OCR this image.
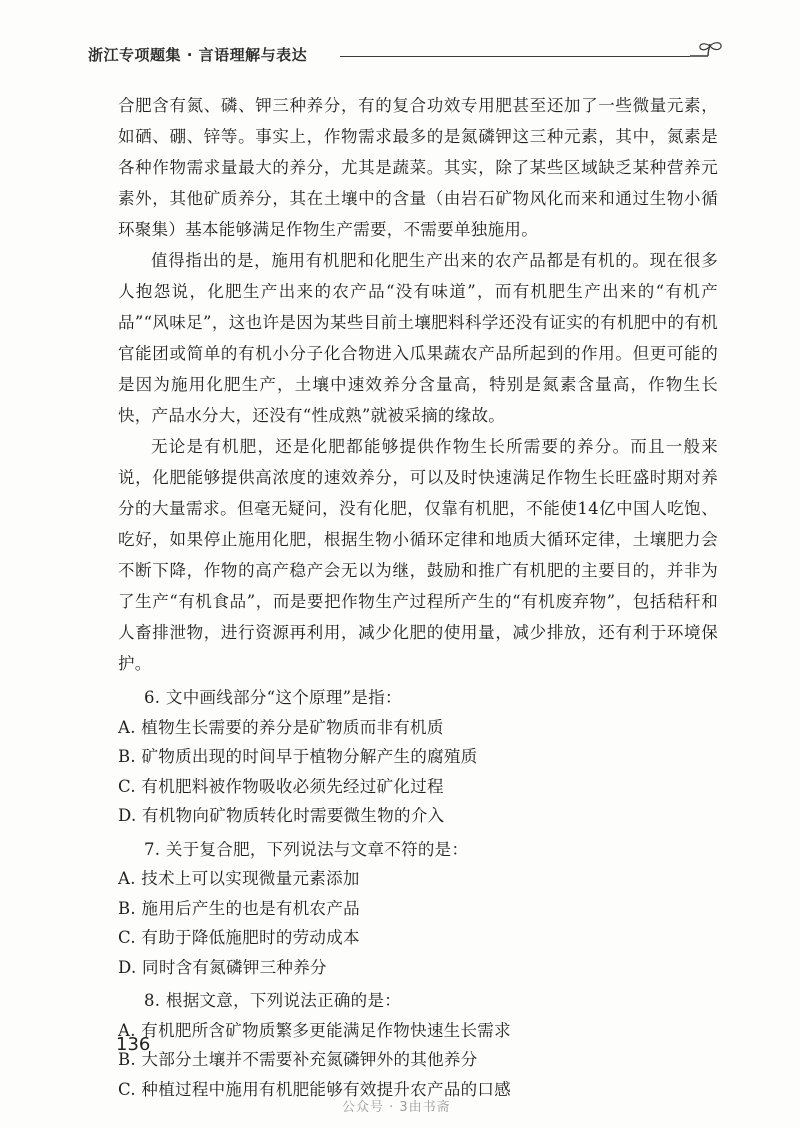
浙江专项题集 · 言语理解与表达

合肥含有氮、磷、钾三种养分，有的复合功效专用肥甚至还加了一些微量元素，如硒、硼、锌等。事实上，作物需求最多的是氮磷钾这三种元素，其中，氮素是各种作物需求量最大的养分，尤其是蔬菜。其实，除了某些区域缺乏某种营养元素外，其他矿质养分，其在土壤中的含量（由岩石矿物风化而来和通过生物小循环聚集）基本能够满足作物生产需要，不需要单独施用。

值得指出的是，施用有机肥和化肥生产出来的农产品都是有机的。现在很多人抱怨说，化肥生产出来的农产品“没有味道”，而有机肥生产出来的“有机产品”“风味足”，这也许是因为某些目前土壤肥料科学还没有证实的有机肥中的有机官能团或简单的有机小分子化合物进入瓜果蔬农产品所起到的作用。但更可能的是因为施用化肥生产，土壤中速效养分含量高，特别是氮素含量高，作物生长快，产品水分大，还没有“性成熟”就被采摘的缘故。

无论是有机肥，还是化肥都能够提供作物生长所需要的养分。而且一般来说，化肥能够提供高浓度的速效养分，可以及时快速满足作物生长旺盛时期对养分的大量需求。但毫无疑问，没有化肥，仅靠有机肥，不能使14亿中国人吃饱、吃好，如果停止施用化肥，根据生物小循环定律和地质大循环定律，土壤肥力会不断下降，作物的高产稳产会无以为继，鼓励和推广有机肥的主要目的，并非为了生产“有机食品”，而是要把作物生产过程所产生的“有机废弃物”，包括秸秆和人畜排泄物，进行资源再利用，减少化肥的使用量，减少排放，还有利于环境保护。

6. 文中画线部分“这个原理”是指：
A. 植物生长需要的养分是矿物质而非有机质
B. 矿物质出现的时间早于植物分解产生的腐殖质
C. 有机肥料被作物吸收必须先经过矿化过程
D. 有机物向矿物质转化时需要微生物的介入
7. 关于复合肥，下列说法与文章不符的是：
A. 技术上可以实现微量元素添加
B. 施用后产生的也是有机农产品
C. 有助于降低施肥时的劳动成本
D. 同时含有氮磷钾三种养分
8. 根据文意，下列说法正确的是：
A. 有机肥所含矿物质繁多更能满足作物快速生长需求
B. 大部分土壤并不需要补充氮磷钾外的其他养分
C. 种植过程中施用有机肥能够有效提升农产品的口感
136
公众号 · 3由书斋
